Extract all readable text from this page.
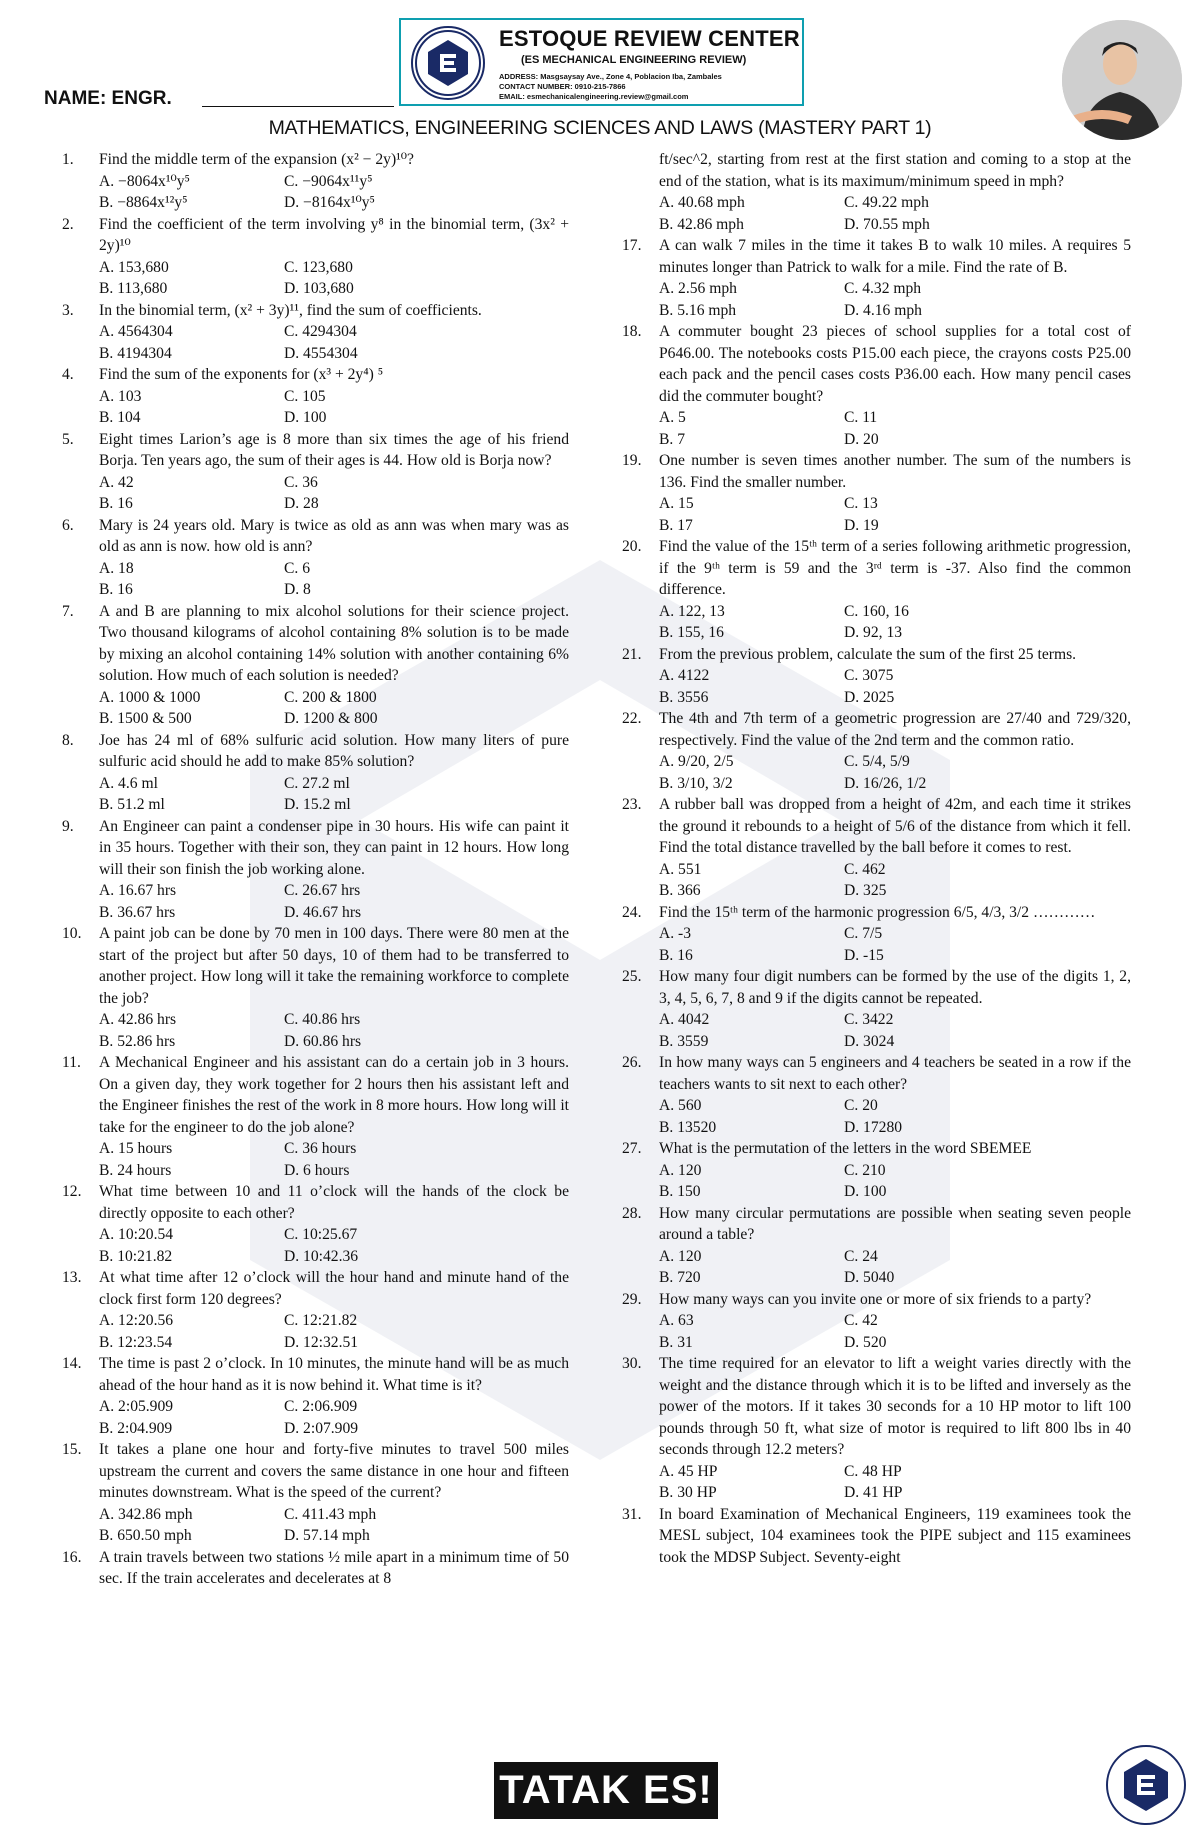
ESTOQUE REVIEW CENTER
(ES MECHANICAL ENGINEERING REVIEW)
ADDRESS: Masgsaysay Ave., Zone 4, Poblacion Iba, Zambales
CONTACT NUMBER: 0910-215-7866
EMAIL: esmechanicalengineering.review@gmail.com
NAME: ENGR.
MATHEMATICS, ENGINEERING SCIENCES AND LAWS (MASTERY PART 1)
1. Find the middle term of the expansion (x² − 2y)¹⁰?
A. −8064x¹⁰y⁵	C. −9064x¹¹y⁵
B. −8864x¹²y⁵	D. −8164x¹⁰y⁵
2. Find the coefficient of the term involving y⁸ in the binomial term, (3x² + 2y)¹⁰
A. 153,680	C. 123,680
B. 113,680	D. 103,680
3. In the binomial term, (x² + 3y)¹¹, find the sum of coefficients.
A. 4564304	C. 4294304
B. 4194304	D. 4554304
4. Find the sum of the exponents for (x³ + 2y⁴) ⁵
A. 103	C. 105
B. 104	D. 100
5. Eight times Larion’s age is 8 more than six times the age of his friend Borja. Ten years ago, the sum of their ages is 44. How old is Borja now?
A. 42	C. 36
B. 16	D. 28
6. Mary is 24 years old. Mary is twice as old as ann was when mary was as old as ann is now. how old is ann?
A. 18	C. 6
B. 16	D. 8
7. A and B are planning to mix alcohol solutions for their science project. Two thousand kilograms of alcohol containing 8% solution is to be made by mixing an alcohol containing 14% solution with another containing 6% solution. How much of each solution is needed?
A. 1000 & 1000	C. 200 & 1800
B. 1500 & 500	D. 1200 & 800
8. Joe has 24 ml of 68% sulfuric acid solution. How many liters of pure sulfuric acid should he add to make 85% solution?
A. 4.6 ml	C. 27.2 ml
B. 51.2 ml	D. 15.2 ml
9. An Engineer can paint a condenser pipe in 30 hours. His wife can paint it in 35 hours. Together with their son, they can paint in 12 hours. How long will their son finish the job working alone.
A. 16.67 hrs	C. 26.67 hrs
B. 36.67 hrs	D. 46.67 hrs
10. A paint job can be done by 70 men in 100 days. There were 80 men at the start of the project but after 50 days, 10 of them had to be transferred to another project. How long will it take the remaining workforce to complete the job?
A. 42.86 hrs	C. 40.86 hrs
B. 52.86 hrs	D. 60.86 hrs
11. A Mechanical Engineer and his assistant can do a certain job in 3 hours. On a given day, they work together for 2 hours then his assistant left and the Engineer finishes the rest of the work in 8 more hours. How long will it take for the engineer to do the job alone?
A. 15 hours	C. 36 hours
B. 24 hours	D. 6 hours
12. What time between 10 and 11 o’clock will the hands of the clock be directly opposite to each other?
A. 10:20.54	C. 10:25.67
B. 10:21.82	D. 10:42.36
13. At what time after 12 o’clock will the hour hand and minute hand of the clock first form 120 degrees?
A. 12:20.56	C. 12:21.82
B. 12:23.54	D. 12:32.51
14. The time is past 2 o’clock. In 10 minutes, the minute hand will be as much ahead of the hour hand as it is now behind it. What time is it?
A. 2:05.909	C. 2:06.909
B. 2:04.909	D. 2:07.909
15. It takes a plane one hour and forty-five minutes to travel 500 miles upstream the current and covers the same distance in one hour and fifteen minutes downstream. What is the speed of the current?
A. 342.86 mph	C. 411.43 mph
B. 650.50 mph	D. 57.14 mph
16. A train travels between two stations ½ mile apart in a minimum time of 50 sec. If the train accelerates and decelerates at 8
ft/sec^2, starting from rest at the first station and coming to a stop at the end of the station, what is its maximum/minimum speed in mph?
A. 40.68 mph	C. 49.22 mph
B. 42.86 mph	D. 70.55 mph
17. A can walk 7 miles in the time it takes B to walk 10 miles. A requires 5 minutes longer than Patrick to walk for a mile. Find the rate of B.
A. 2.56 mph	C. 4.32 mph
B. 5.16 mph	D. 4.16 mph
18. A commuter bought 23 pieces of school supplies for a total cost of P646.00. The notebooks costs P15.00 each piece, the crayons costs P25.00 each pack and the pencil cases costs P36.00 each. How many pencil cases did the commuter bought?
A. 5	C. 11
B. 7	D. 20
19. One number is seven times another number. The sum of the numbers is 136. Find the smaller number.
A. 15	C. 13
B. 17	D. 19
20. Find the value of the 15ᵗʰ term of a series following arithmetic progression, if the 9ᵗʰ term is 59 and the 3ʳᵈ term is -37. Also find the common difference.
A. 122, 13	C. 160, 16
B. 155, 16	D. 92, 13
21. From the previous problem, calculate the sum of the first 25 terms.
A. 4122	C. 3075
B. 3556	D. 2025
22. The 4th and 7th term of a geometric progression are 27/40 and 729/320, respectively. Find the value of the 2nd term and the common ratio.
A. 9/20, 2/5	C. 5/4, 5/9
B. 3/10, 3/2	D. 16/26, 1/2
23. A rubber ball was dropped from a height of 42m, and each time it strikes the ground it rebounds to a height of 5/6 of the distance from which it fell. Find the total distance travelled by the ball before it comes to rest.
A. 551	C. 462
B. 366	D. 325
24. Find the 15ᵗʰ term of the harmonic progression 6/5, 4/3, 3/2 …………
A. -3	C. 7/5
B. 16	D. -15
25. How many four digit numbers can be formed by the use of the digits 1, 2, 3, 4, 5, 6, 7, 8 and 9 if the digits cannot be repeated.
A. 4042	C. 3422
B. 3559	D. 3024
26. In how many ways can 5 engineers and 4 teachers be seated in a row if the teachers wants to sit next to each other?
A. 560	C. 20
B. 13520	D. 17280
27. What is the permutation of the letters in the word SBEMEE
A. 120	C. 210
B. 150	D. 100
28. How many circular permutations are possible when seating seven people around a table?
A. 120	C. 24
B. 720	D. 5040
29. How many ways can you invite one or more of six friends to a party?
A. 63	C. 42
B. 31	D. 520
30. The time required for an elevator to lift a weight varies directly with the weight and the distance through which it is to be lifted and inversely as the power of the motors. If it takes 30 seconds for a 10 HP motor to lift 100 pounds through 50 ft, what size of motor is required to lift 800 lbs in 40 seconds through 12.2 meters?
A. 45 HP	C. 48 HP
B. 30 HP	D. 41 HP
31. In board Examination of Mechanical Engineers, 119 examinees took the MESL subject, 104 examinees took the PIPE subject and 115 examinees took the MDSP Subject. Seventy-eight
TATAK ES!
